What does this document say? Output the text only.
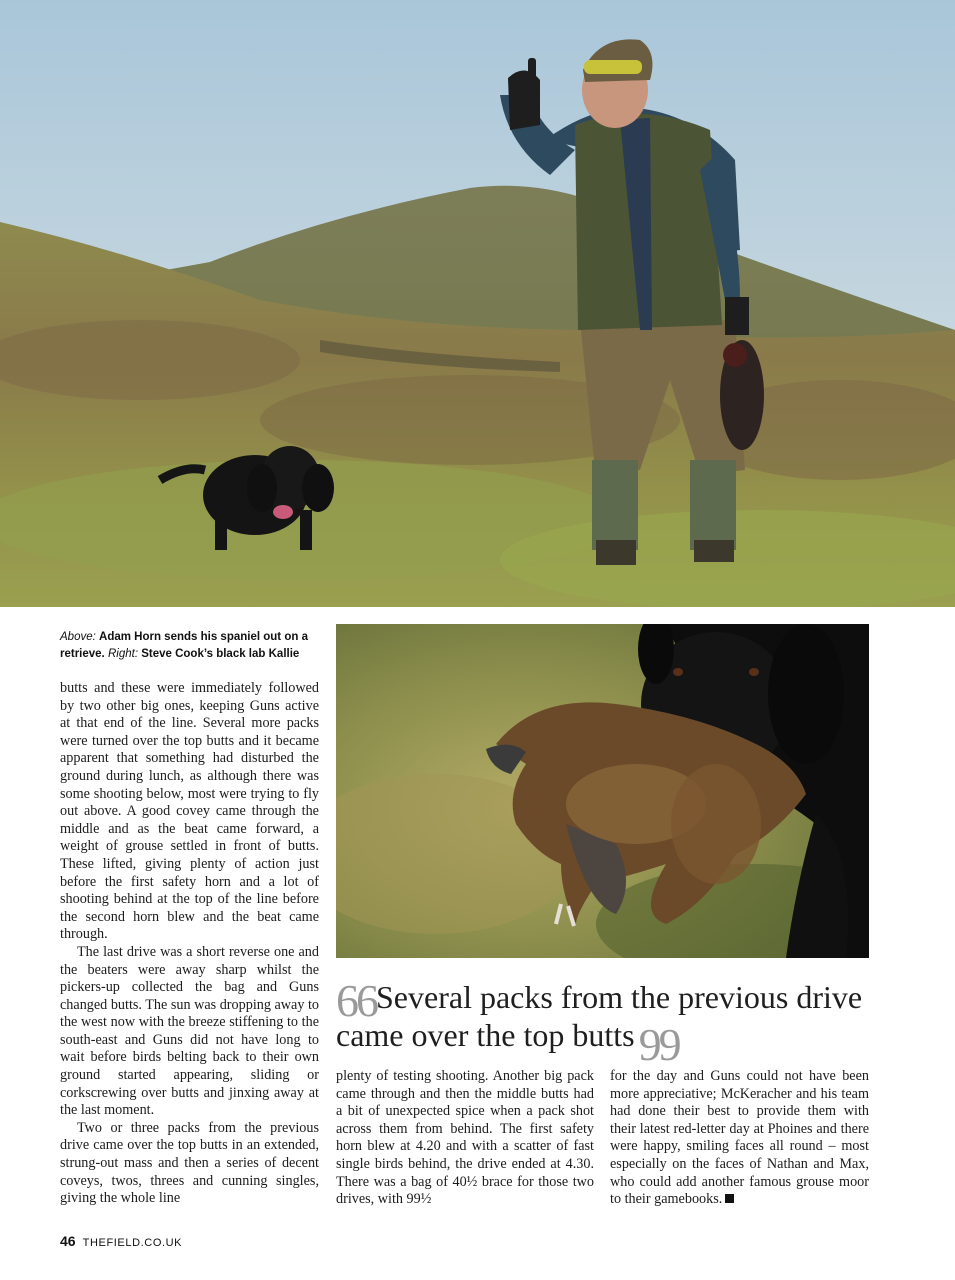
Above: Adam Horn sends his spaniel out on a retrieve. Right: Steve Cook’s black lab Kallie

butts and these were immediately followed by two other big ones, keeping Guns active at that end of the line. Several more packs were turned over the top butts and it became apparent that something had disturbed the ground during lunch, as although there was some shooting below, most were trying to fly out above. A good covey came through the middle and as the beat came forward, a weight of grouse settled in front of butts. These lifted, giving plenty of action just before the first safety horn and a lot of shooting behind at the top of the line before the second horn blew and the beat came through.

The last drive was a short reverse one and the beaters were away sharp whilst the pickers-up collected the bag and Guns changed butts. The sun was dropping away to the west now with the breeze stiffening to the south-east and Guns did not have long to wait before birds belting back to their own ground started appearing, sliding or corkscrewing over butts and jinxing away at the last moment.

Two or three packs from the previous drive came over the top butts in an extended, strung-out mass and then a series of decent coveys, twos, threes and cunning singles, giving the whole line

66Several packs from the previous drive came over the top butts99

plenty of testing shooting. Another big pack came through and then the middle butts had a bit of unexpected spice when a pack shot across them from behind. The first safety horn blew at 4.20 and with a scatter of fast single birds behind, the drive ended at 4.30. There was a bag of 40½ brace for those two drives, with 99½

for the day and Guns could not have been more appreciative; McKeracher and his team had done their best to provide them with their latest red-letter day at Phoines and there were happy, smiling faces all round – most especially on the faces of Nathan and Max, who could add another famous grouse moor to their gamebooks.

46 THEFIELD.CO.UK
